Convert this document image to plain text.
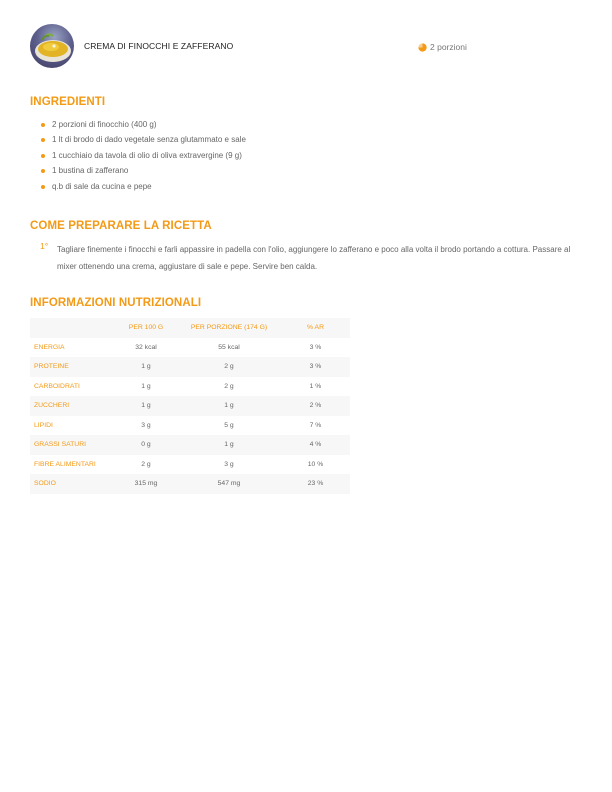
CREMA DI FINOCCHI E ZAFFERANO	2 porzioni
INGREDIENTI
2 porzioni di finocchio (400 g)
1 lt di brodo di dado vegetale senza glutammato e sale
1 cucchiaio da tavola di olio di oliva extravergine (9 g)
1 bustina di zafferano
q.b di sale da cucina e pepe
COME PREPARARE LA RICETTA
1° Tagliare finemente i finocchi e farli appassire in padella con l'olio, aggiungere lo zafferano e poco alla volta il brodo portando a cottura. Passare al mixer ottenendo una crema, aggiustare di sale e pepe. Servire ben calda.

INFORMAZIONI NUTRIZIONALI
	PER 100 G	PER PORZIONE (174 G)	% AR
ENERGIA	32 kcal	55 kcal	3 %
PROTEINE	1 g	2 g	3 %
CARBOIDRATI	1 g	2 g	1 %
ZUCCHERI	1 g	1 g	2 %
LIPIDI	3 g	5 g	7 %
GRASSI SATURI	0 g	1 g	4 %
FIBRE ALIMENTARI	2 g	3 g	10 %
SODIO	315 mg	547 mg	23 %
